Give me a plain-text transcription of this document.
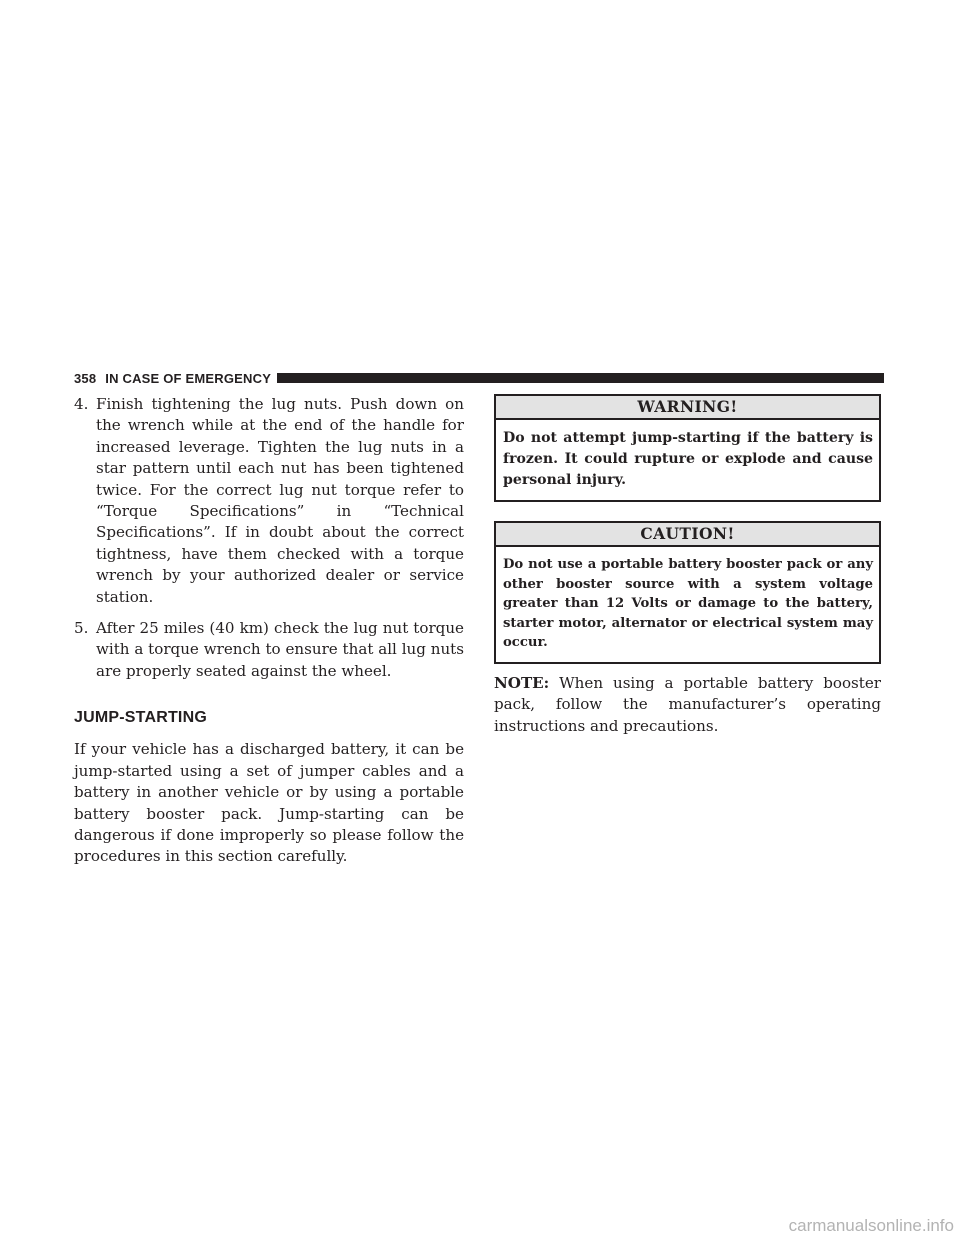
358 IN CASE OF EMERGENCY
4. Finish tightening the lug nuts. Push down on the wrench while at the end of the handle for increased leverage. Tighten the lug nuts in a star pattern until each nut has been tightened twice. For the correct lug nut torque refer to “Torque Specifications” in “Technical Specifications”. If in doubt about the correct tightness, have them checked with a torque wrench by your authorized dealer or service station.
5. After 25 miles (40 km) check the lug nut torque with a torque wrench to ensure that all lug nuts are properly seated against the wheel.
JUMP-STARTING

If your vehicle has a discharged battery, it can be jump-started using a set of jumper cables and a battery in another vehicle or by using a portable battery booster pack. Jump-starting can be dangerous if done improperly so please follow the procedures in this section carefully.

WARNING!
Do not attempt jump-starting if the battery is frozen. It could rupture or explode and cause personal injury.
CAUTION!
Do not use a portable battery booster pack or any other booster source with a system voltage greater than 12 Volts or damage to the battery, starter motor, alternator or electrical system may occur.
NOTE: When using a portable battery booster pack, follow the manufacturer’s operating instructions and precautions.
carmanualsonline.info
